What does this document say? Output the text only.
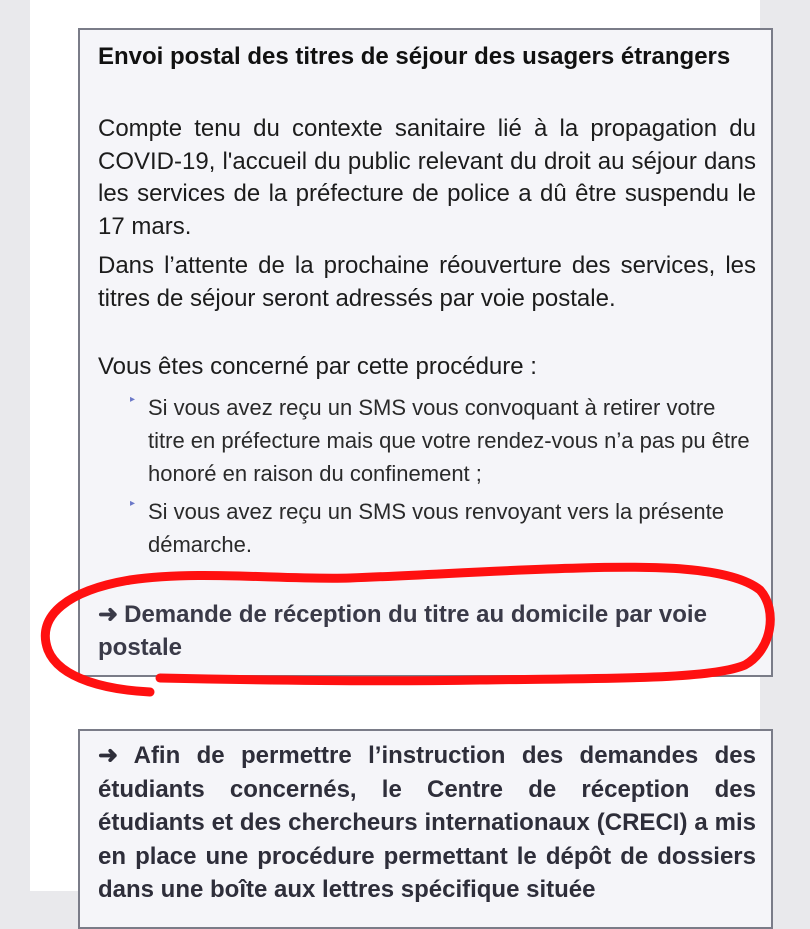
Envoi postal des titres de séjour des usagers étrangers

Compte tenu du contexte sanitaire lié à la propagation du COVID-19, l'accueil du public relevant du droit au séjour dans les services de la préfecture de police a dû être suspendu le 17 mars.

Dans l’attente de la prochaine réouverture des services, les titres de séjour seront adressés par voie postale.

Vous êtes concerné par cette procédure :

▸ Si vous avez reçu un SMS vous convoquant à retirer votre titre en préfecture mais que votre rendez-vous n’a pas pu être honoré en raison du confinement ;
▸ Si vous avez reçu un SMS vous renvoyant vers la présente démarche.
➜ Demande de réception du titre au domicile par voie postale

➜ Afin de permettre l’instruction des demandes des étudiants concernés, le Centre de réception des étudiants et des chercheurs internationaux (CRECI) a mis en place une procédure permettant le dépôt de dossiers dans une boîte aux lettres spécifique située
